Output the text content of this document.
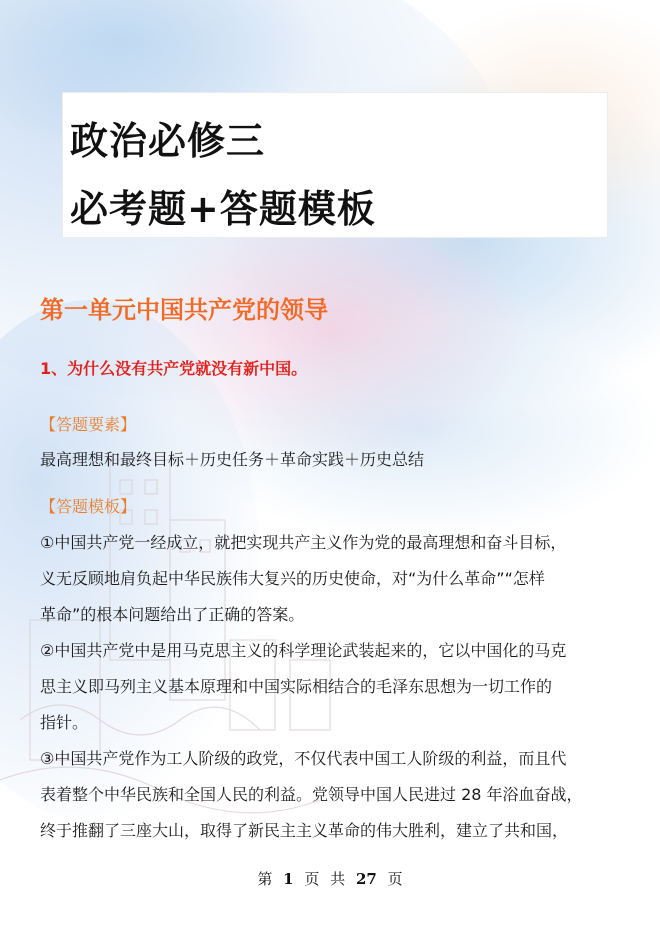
政治必修三
必考题+答题模板
第一单元中国共产党的领导
1、为什么没有共产党就没有新中国。
【答题要素】
最高理想和最终目标＋历史任务＋革命实践＋历史总结
【答题模板】
①中国共产党一经成立，就把实现共产主义作为党的最高理想和奋斗目标，
义无反顾地肩负起中华民族伟大复兴的历史使命，对“为什么革命”“怎样
革命”的根本问题给出了正确的答案。
②中国共产党中是用马克思主义的科学理论武装起来的，它以中国化的马克
思主义即马列主义基本原理和中国实际相结合的毛泽东思想为一切工作的
指针。
③中国共产党作为工人阶级的政党，不仅代表中国工人阶级的利益，而且代
表着整个中华民族和全国人民的利益。党领导中国人民进过 28 年浴血奋战，
终于推翻了三座大山，取得了新民主主义革命的伟大胜利，建立了共和国，
第 1 页 共 27 页
